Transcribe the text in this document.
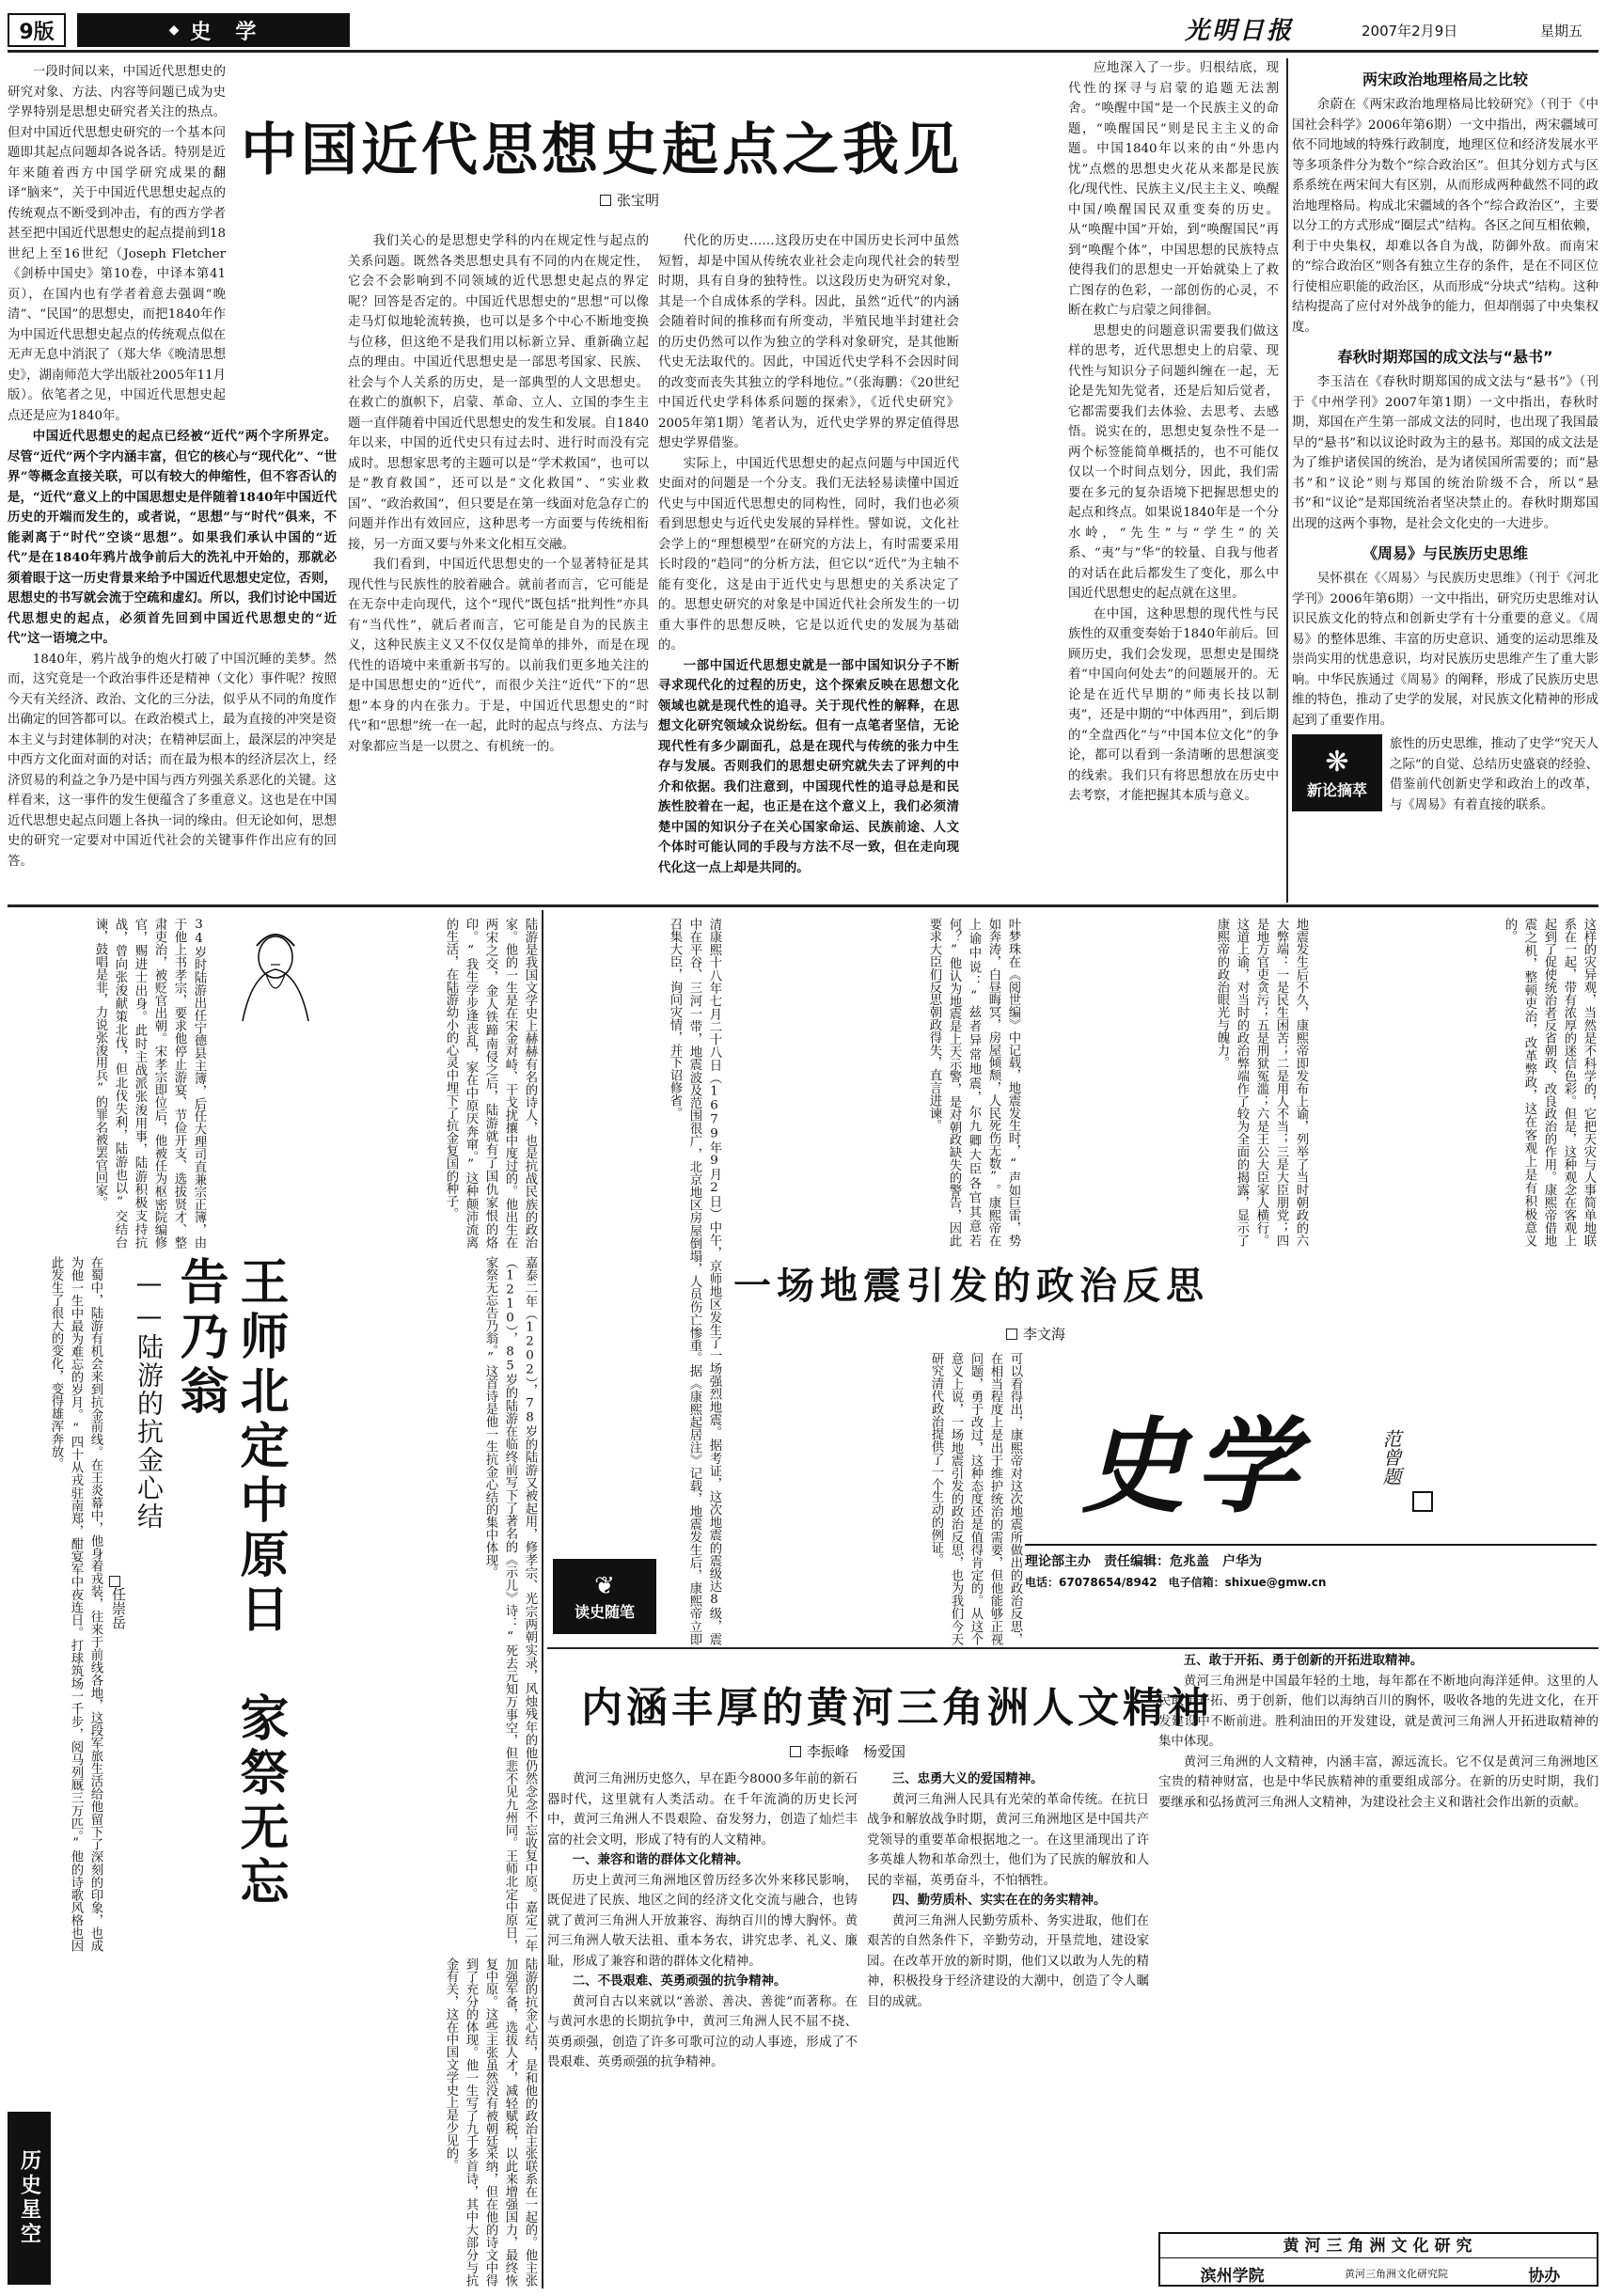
9版	◆ 史　学	光明日报	2007年2月9日	星期五
中国近代思想史起点之我见
张宝明

一段时间以来，中国近代思想史的研究对象、方法、内容等问题已成为史学界特别是思想史研究者关注的热点。但对中国近代思想史研究的一个基本问题即其起点问题却各说各话。特别是近年来随着西方中国学研究成果的翻译“脑来”，关于中国近代思想史起点的传统观点不断受到冲击，有的西方学者甚至把中国近代思想史的起点提前到18世纪上至16世纪（Joseph Fletcher《剑桥中国史》第10卷，中译本第41页），在国内也有学者着意去强调“晚清”、“民国”的思想史，而把1840年作为中国近代思想史起点的传统观点似在无声无息中消泯了（郑大华《晚清思想史》，湖南师范大学出版社2005年11月版）。依笔者之见，中国近代思想史起点还是应为1840年。

中国近代思想史的起点已经被“近代”两个字所界定。尽管“近代”两个字内涵丰富，但它的核心与“现代化”、“世界”等概念直接关联，可以有较大的伸缩性，但不容否认的是，“近代”意义上的中国思想史是伴随着1840年中国近代历史的开端而发生的，或者说，“思想”与“时代”俱来，不能剥离于“时代”空谈“思想”。如果我们承认中国的“近代”是在1840年鸦片战争前后大的洗礼中开始的，那就必须着眼于这一历史背景来给予中国近代思想史定位，否则，思想史的书写就会流于空疏和虚幻。所以，我们讨论中国近代思想史的起点，必须首先回到中国近代思想史的“近代”这一语境之中。

1840年，鸦片战争的炮火打破了中国沉睡的美梦。然而，这究竟是一个政治事件还是精神（文化）事件呢？按照今天有关经济、政治、文化的三分法，似乎从不同的角度作出确定的回答都可以。在政治模式上，最为直接的冲突是资本主义与封建体制的对决；在精神层面上，最深层的冲突是中西方文化面对面的对话；而在最为根本的经济层次上，经济贸易的利益之争乃是中国与西方列强关系恶化的关键。这样看来，这一事件的发生便蕴含了多重意义。这也是在中国近代思想史起点问题上各执一词的缘由。但无论如何，思想史的研究一定要对中国近代社会的关键事件作出应有的回答。

我们关心的是思想史学科的内在规定性与起点的关系问题。既然各类思想史具有不同的内在规定性，它会不会影响到不同领域的近代思想史起点的界定呢？回答是否定的。中国近代思想史的“思想”可以像走马灯似地轮流转换，也可以是多个中心不断地变换与位移，但这绝不是我们用以标新立异、重新确立起点的理由。中国近代思想史是一部思考国家、民族、社会与个人关系的历史，是一部典型的人文思想史。在救亡的旗帜下，启蒙、革命、立人、立国的李生主题一直伴随着中国近代思想史的发生和发展。自1840年以来，中国的近代史只有过去时、进行时而没有完成时。思想家思考的主题可以是“学术救国”，也可以是“教育救国”，还可以是“文化救国”、“实业救国”、“政治救国”，但只要是在第一线面对危急存亡的问题并作出有效回应，这种思考一方面要与传统相衔接，另一方面又要与外来文化相互交融。

我们看到，中国近代思想史的一个显著特征是其现代性与民族性的胶着融合。就前者而言，它可能是在无奈中走向现代，这个“现代”既包括“批判性”亦具有“当代性”，就后者而言，它可能是自为的民族主义，这种民族主义又不仅仅是简单的排外，而是在现代性的语境中来重新书写的。以前我们更多地关注的是中国思想史的“近代”，而很少关注“近代”下的“思想”本身的内在张力。于是，中国近代思想史的“时代”和“思想”统一在一起，此时的起点与终点、方法与对象都应当是一以贯之、有机统一的。

代化的历史……这段历史在中国历史长河中虽然短暂，却是中国从传统农业社会走向现代社会的转型时期，具有自身的独特性。以这段历史为研究对象，其是一个自成体系的学科。因此，虽然“近代”的内涵会随着时间的推移而有所变动，半殖民地半封建社会的历史仍然可以作为独立的学科对象研究，是其他断代史无法取代的。因此，中国近代史学科不会因时间的改变而丧失其独立的学科地位。”（张海鹏：《20世纪中国近代史学科体系问题的探索》，《近代史研究》2005年第1期）笔者认为，近代史学界的界定值得思想史学界借鉴。

实际上，中国近代思想史的起点问题与中国近代史面对的问题是一个分支。我们无法轻易读懂中国近代史与中国近代思想史的同构性，同时，我们也必须看到思想史与近代史发展的异样性。譬如说，文化社会学上的“理想模型”在研究的方法上，有时需要采用长时段的“趋同”的分析方法，但它以“近代”为主轴不能有变化，这是由于近代史与思想史的关系决定了的。思想史研究的对象是中国近代社会所发生的一切重大事件的思想反映，它是以近代史的发展为基础的。

一部中国近代思想史就是一部中国知识分子不断寻求现代化的过程的历史，这个探索反映在思想文化领域也就是现代性的追寻。关于现代性的解释，在思想文化研究领域众说纷纭。但有一点笔者坚信，无论现代性有多少副面孔，总是在现代与传统的张力中生存与发展。否则我们的思想史研究就失去了评判的中介和依据。我们注意到，中国现代性的追寻总是和民族性胶着在一起，也正是在这个意义上，我们必须清楚中国的知识分子在关心国家命运、民族前途、人文个体时可能认同的手段与方法不尽一致，但在走向现代化这一点上却是共同的。

应地深入了一步。归根结底，现代性的探寻与启蒙的追题无法割舍。“唤醒中国”是一个民族主义的命题，“唤醒国民”则是民主主义的命题。中国1840年以来的由“外患内忧”点燃的思想史火花从来都是民族化/现代性、民族主义/民主主义、唤醒中国/唤醒国民双重变奏的历史。从“唤醒中国”开始，到“唤醒国民”再到“唤醒个体”，中国思想的民族特点使得我们的思想史一开始就染上了救亡图存的色彩，一部创伤的心灵，不断在救亡与启蒙之间徘徊。

思想史的问题意识需要我们做这样的思考，近代思想史上的启蒙、现代性与知识分子问题纠缠在一起，无论是先知先觉者，还是后知后觉者，它都需要我们去体验、去思考、去感悟。说实在的，思想史复杂性不是一两个标签能简单概括的，也不可能仅仅以一个时间点划分，因此，我们需要在多元的复杂语境下把握思想史的起点和终点。如果说1840年是一个分水岭，“先生”与“学生”的关系、“夷”与“华”的较量、自我与他者的对话在此后都发生了变化，那么中国近代思想史的起点就在这里。

在中国，这种思想的现代性与民族性的双重变奏始于1840年前后。回顾历史，我们会发现，思想史是围绕着“中国向何处去”的问题展开的。无论是在近代早期的“师夷长技以制夷”，还是中期的“中体西用”，到后期的“全盘西化”与“中国本位文化”的争论，都可以看到一条清晰的思想演变的线索。我们只有将思想放在历史中去考察，才能把握其本质与意义。

两宋政治地理格局之比较

余蔚在《两宋政治地理格局比较研究》（刊于《中国社会科学》2006年第6期）一文中指出，两宋疆域可依不同地域的特殊行政制度，地理区位和经济发展水平等多项条件分为数个“综合政治区”。但其分划方式与区系系统在两宋间大有区别，从而形成两种截然不同的政治地理格局。构成北宋疆域的各个“综合政治区”，主要以分工的方式形成“圈层式”结构。各区之间互相依赖，利于中央集权，却难以各自为战，防御外敌。而南宋的“综合政治区”则各有独立生存的条件，是在不同区位行使相应职能的政治区，从而形成“分块式”结构。这种结构提高了应付对外战争的能力，但却削弱了中央集权度。

春秋时期郑国的成文法与“悬书”

李玉洁在《春秋时期郑国的成文法与“悬书”》（刊于《中州学刊》2007年第1期）一文中指出，春秋时期，郑国在产生第一部成文法的同时，也出现了我国最早的“悬书”和以议论时政为主的悬书。郑国的成文法是为了维护诸侯国的统治，是为诸侯国所需要的；而“悬书”和“议论”则与郑国的统治阶级不合，所以“悬书”和“议论”是郑国统治者坚决禁止的。春秋时期郑国出现的这两个事物，是社会文化史的一大进步。

《周易》与民族历史思维

吴怀祺在《〈周易〉与民族历史思维》（刊于《河北学刊》2006年第6期）一文中指出，研究历史思维对认识民族文化的特点和创新史学有十分重要的意义。《周易》的整体思维、丰富的历史意识、通变的运动思维及崇尚实用的忧患意识，均对民族历史思维产生了重大影响。中华民族通过《周易》的阐释，形成了民族历史思维的特色，推动了史学的发展，对民族文化精神的形成起到了重要作用。

❋
新论摘萃

旅性的历史思维，推动了史学“究天人之际”的自觉、总结历史盛衰的经验、借鉴前代创新史学和政治上的改革，与《周易》有着直接的联系。

陆游是我国文学史上赫赫有名的诗人，也是抗战民族的政治家。他的一生是在宋金对峙、干戈扰攘中度过的。他出生在两宋之交，金人铁蹄南侵之后，陆游就有了国仇家恨的烙印。“我生学步逢丧乱，家在中原厌奔窜。”这种颠沛流离的生活，在陆游幼小的心灵中埋下了抗金复国的种子。
34岁时陆游出任宁德县主簿，后任大理司直兼宗正簿，由于他上书孝宗，要求他停止游宴、节俭开支、选拔贤才、整肃吏治，被贬官出朝。宋孝宗即位后，他被任为枢密院编修官，赐进士出身。此时主战派张浚用事，陆游积极支持抗战，曾向张浚献策北伐，但北伐失利，陆游也以“交结台谏，鼓唱是非，力说张浚用兵”的罪名被罢官回家。
王师北定中原日　家祭无忘告乃翁
——陆游的抗金心结
任崇岳
在蜀中，陆游有机会来到抗金前线。在王炎幕中，他身着戎装，往来于前线各地，这段军旅生活给他留下了深刻的印象，也成为他一生中最为难忘的岁月。“四十从戎驻南郑，酣宴军中夜连日。打球筑场一千步，阅马列厩三万匹。”他的诗歌风格也因此发生了很大的变化，变得雄浑奔放。	嘉泰二年（1202），78岁的陆游又被起用，修孝宗、光宗两朝实录，风烛残年的他仍然念念不忘收复中原。嘉定二年（1210），85岁的陆游在临终前写下了著名的《示儿》诗：“死去元知万事空，但悲不见九州同。王师北定中原日，家祭无忘告乃翁。”这首诗是他一生抗金心结的集中体现。
陆游的抗金心结，是和他的政治主张联系在一起的。他主张加强军备，选拔人才，减轻赋税，以此来增强国力，最终恢复中原。这些主张虽然没有被朝廷采纳，但在他的诗文中得到了充分的体现。他一生写了九千多首诗，其中大部分与抗金有关，这在中国文学史上是少见的。
历史星空
这样的灾异观，当然是不科学的，它把天灾与人事简单地联系在一起，带有浓厚的迷信色彩。但是，这种观念在客观上起到了促使统治者反省朝政、改良政治的作用。康熙帝借地震之机，整顿吏治，改革弊政，这在客观上是有积极意义的。
地震发生后不久，康熙帝即发布上谕，列举了当时朝政的六大弊端：一是民生困苦；二是用人不当；三是大臣朋党；四是地方官吏贪污；五是刑狱冤滥；六是王公大臣家人横行。这道上谕，对当时的政治弊端作了较为全面的揭露，显示了康熙帝的政治眼光与魄力。
清康熙十八年七月二十八日（1679年9月2日）中午，京师地区发生了一场强烈地震。据考证，这次地震的震级达8级，震中在平谷、三河一带，地震波及范围很广，北京地区房屋倒塌，人员伤亡惨重。据《康熙起居注》记载，地震发生后，康熙帝立即召集大臣，询问灾情，并下诏修省。	叶梦珠在《阅世编》中记载，地震发生时，“声如巨雷，势如奔涛，白昼晦冥，房屋倾颓，人民死伤无数”。康熙帝在上谕中说：“兹者异常地震，尔九卿大臣各官其意若何？”他认为地震是上天示警，是对朝政缺失的警告，因此要求大臣们反思朝政得失，直言进谏。
一场地震引发的政治反思
李文海
可以看得出，康熙帝对这次地震所做出的政治反思，在相当程度上是出于维护统治的需要，但他能够正视问题，勇于改过，这种态度还是值得肯定的。从这个意义上说，一场地震引发的政治反思，也为我们今天研究清代政治提供了一个生动的例证。
❦
读史随笔
史学	范曾题
理论部主办　责任编辑：危兆盖　户华为
电话：67078654/8942　电子信箱：shixue@gmw.cn
内涵丰厚的黄河三角洲人文精神
李振峰　杨爱国

黄河三角洲历史悠久，早在距今8000多年前的新石器时代，这里就有人类活动。在千年流淌的历史长河中，黄河三角洲人不畏艰险、奋发努力，创造了灿烂丰富的社会文明，形成了特有的人文精神。

一、兼容和谐的群体文化精神。

历史上黄河三角洲地区曾历经多次外来移民影响，既促进了民族、地区之间的经济文化交流与融合，也铸就了黄河三角洲人开放兼容、海纳百川的博大胸怀。黄河三角洲人敬天法祖、重本务农，讲究忠孝、礼义、廉耻，形成了兼容和谐的群体文化精神。

二、不畏艰难、英勇顽强的抗争精神。

黄河自古以来就以“善淤、善决、善徙”而著称。在与黄河水患的长期抗争中，黄河三角洲人民不屈不挠、英勇顽强，创造了许多可歌可泣的动人事迹，形成了不畏艰难、英勇顽强的抗争精神。

三、忠勇大义的爱国精神。

黄河三角洲人民具有光荣的革命传统。在抗日战争和解放战争时期，黄河三角洲地区是中国共产党领导的重要革命根据地之一。在这里涌现出了许多英雄人物和革命烈士，他们为了民族的解放和人民的幸福，英勇奋斗，不怕牺牲。

四、勤劳质朴、实实在在的务实精神。

黄河三角洲人民勤劳质朴、务实进取，他们在艰苦的自然条件下，辛勤劳动，开垦荒地，建设家园。在改革开放的新时期，他们又以敢为人先的精神，积极投身于经济建设的大潮中，创造了令人瞩目的成就。

五、敢于开拓、勇于创新的开拓进取精神。

黄河三角洲是中国最年轻的土地，每年都在不断地向海洋延伸。这里的人民敢于开拓、勇于创新，他们以海纳百川的胸怀，吸收各地的先进文化，在开发建设中不断前进。胜利油田的开发建设，就是黄河三角洲人开拓进取精神的集中体现。

黄河三角洲的人文精神，内涵丰富，源远流长。它不仅是黄河三角洲地区宝贵的精神财富，也是中华民族精神的重要组成部分。在新的历史时期，我们要继承和弘扬黄河三角洲人文精神，为建设社会主义和谐社会作出新的贡献。

黄河三角洲文化研究
滨州学院	黄河三角洲文化研究院	协办
